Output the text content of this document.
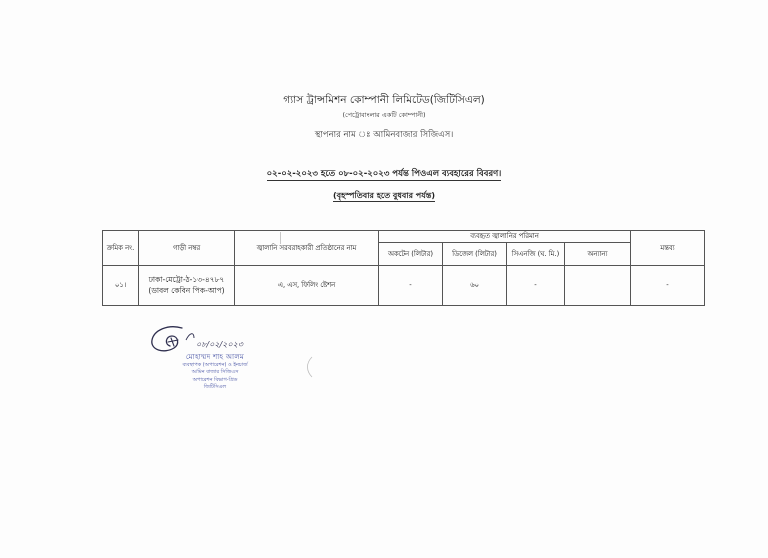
গ্যাস ট্রান্সমিশন কোম্পানী লিমিটেড(জিটিসিএল)
(পেট্রোবাংলার একটি কোম্পানী)
স্থাপনার নাম ঃ আমিনবাজার সিজিএস।
০২-০২-২০২৩ হতে ০৮-০২-২০২৩ পর্যন্ত পিওএল ব্যবহারের বিবরণ।
(বৃহস্পতিবার হতে বুধবার পর্যন্ত)
ক্রমিক নং.	গাড়ী নম্বর	জ্বালানি সরবরাহকারী প্রতিষ্ঠানের নাম	ব্যবহৃত জ্বালানির পরিমান				মন্তব্য
			অকটেন (লিটার)	ডিজেল (লিটার)	সিএনজি (ঘ. মি.)	অন্যান্য	
০১।	ঢাকা-মেট্রো-ঠ-১৩-৪৭৮৭
(ডাবল কেবিন পিক-আপ)	এ, এস, ফিলিং ষ্টেশন	-	৬০	-		-
০৮/০২/২০২৩
মোহাম্মদ শাহ আলম
ব্যবস্থাপক (অপারেশন) ও ইনচার্জ
আমিন বাজার সিজিএস
অপারেশন বিভাগ-গ্রিড
জিটিসিএল
